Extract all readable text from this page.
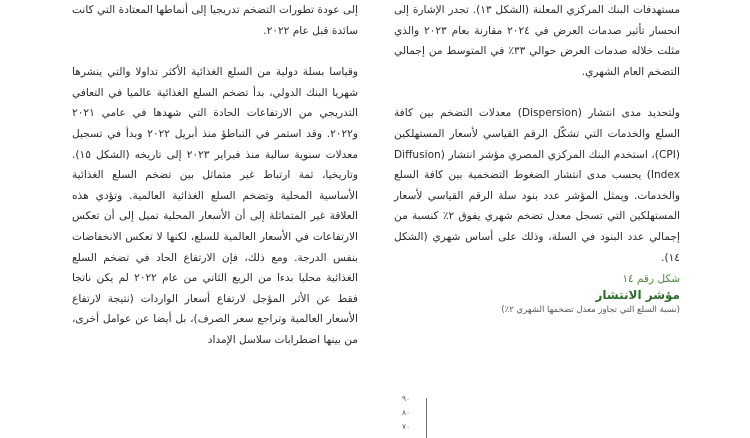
مستهدفات البنك المركزي المعلنة (الشكل ١٣). تجدر الإشارة إلى انحسار تأثير صدمات العرض في ٢٠٢٤ مقارنة بعام ٢٠٢٣ والذي مثلت خلاله صدمات العرض حوالي ٣٣٪ في المتوسط من إجمالي التضخم العام الشهري.

ولتحديد مدى انتشار (Dispersion) معدلات التضخم بين كافة السلع والخدمات التي تشكّل الرقم القياسي لأسعار المستهلكين (CPI)، استخدم البنك المركزي المصري مؤشر انتشار (Diffusion Index) يحسب مدى انتشار الضغوط التضخمية بين كافة السلع والخدمات. ويمثل المؤشر عدد بنود سلة الرقم القياسي لأسعار المستهلكين التي تسجل معدل تضخم شهري يفوق ٢٪ كنسبة من إجمالي عدد البنود في السلة، وذلك على أساس شهري (الشكل ١٤).

شكل رقم ١٤
مؤشر الانتشار
(نسبة السلع التي تجاوز معدل تضخمها الشهري ٢٪)

إلى عودة تطورات التضخم تدريجيا إلى أنماطها المعتادة التي كانت سائدة قبل عام ٢٠٢٢.

وقياسا بسلة دولية من السلع الغذائية الأكثر تداولا والتي ينشرها شهريا البنك الدولي، بدأ تضخم السلع الغذائية عالميا في التعافي التدريجي من الارتفاعات الحادة التي شهدها في عامي ٢٠٢١ و٢٠٢٢. وقد استمر في التباطؤ منذ أبريل ٢٠٢٢ وبدأ في تسجيل معدلات سنوية سالبة منذ فبراير ٢٠٢٣ إلى تاريخه (الشكل ١٥). وتاريخيا، ثمة ارتباط غير متماثل بين تضخم السلع الغذائية الأساسية المحلية وتضخم السلع الغذائية العالمية. وتؤدي هذه العلاقة غير المتماثلة إلى أن الأسعار المحلية تميل إلى أن تعكس الارتفاعات في الأسعار العالمية للسلع، لكنها لا تعكس الانخفاضات بنفس الدرجة. ومع ذلك، فإن الارتفاع الحاد في تضخم السلع الغذائية محليا بدءا من الربع الثاني من عام ٢٠٢٢ لم يكن ناتجا فقط عن الأثر المؤجل لارتفاع أسعار الواردات (نتيجة لارتفاع الأسعار العالمية وتراجع سعر الصرف)، بل أيضا عن عوامل أخرى، من بينها اضطرابات سلاسل الإمداد

٩٠
٨٠
٧٠
